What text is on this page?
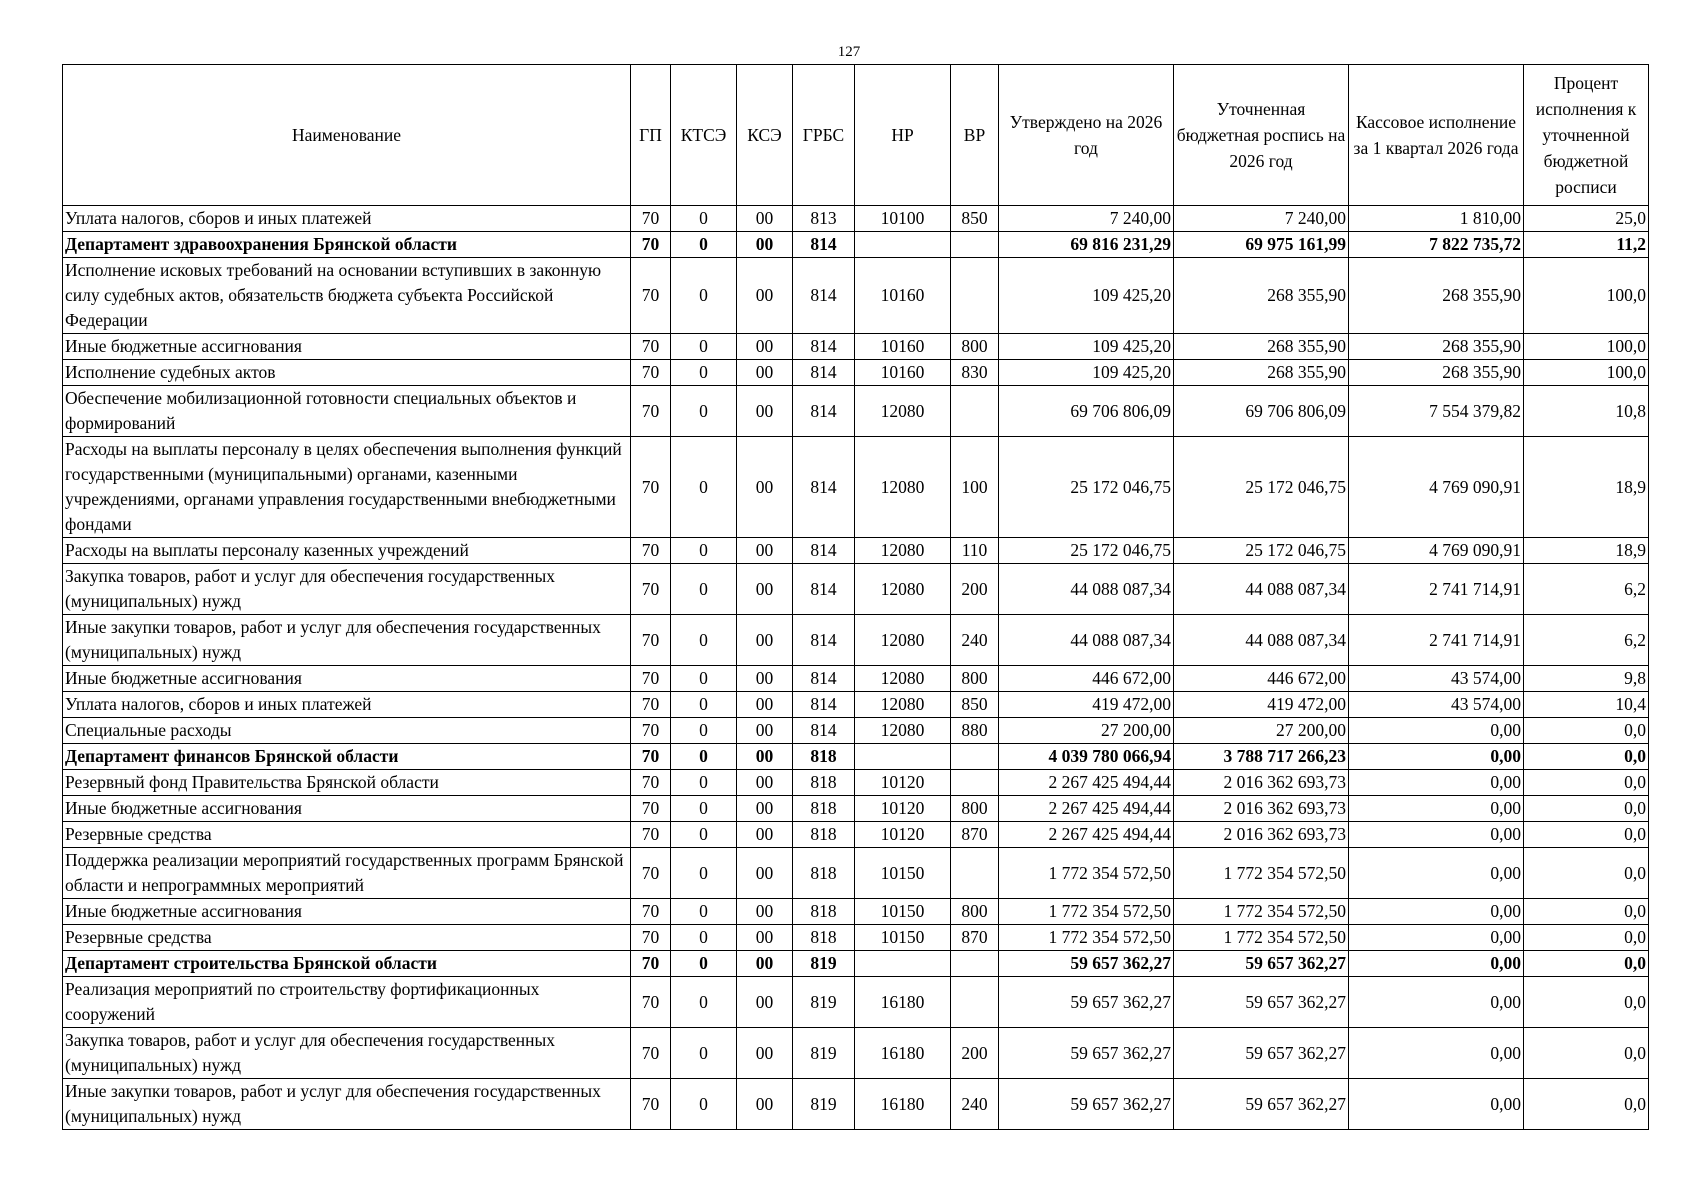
127
Наименование	ГП	КТСЭ	КСЭ	ГРБС	НР	ВР	Утверждено на 2026 год	Уточненная бюджетная роспись на 2026 год	Кассовое исполнение за 1 квартал 2026 года	Процент исполнения к уточненной бюджетной росписи
Уплата налогов, сборов и иных платежей	70	0	00	813	10100	850	7 240,00	7 240,00	1 810,00	25,0
Департамент здравоохранения Брянской области	70	0	00	814			69 816 231,29	69 975 161,99	7 822 735,72	11,2
Исполнение исковых требований на основании вступивших в законную силу судебных актов, обязательств бюджета субъекта Российской Федерации	70	0	00	814	10160		109 425,20	268 355,90	268 355,90	100,0
Иные бюджетные ассигнования	70	0	00	814	10160	800	109 425,20	268 355,90	268 355,90	100,0
Исполнение судебных актов	70	0	00	814	10160	830	109 425,20	268 355,90	268 355,90	100,0
Обеспечение мобилизационной готовности специальных объектов и формирований	70	0	00	814	12080		69 706 806,09	69 706 806,09	7 554 379,82	10,8
Расходы на выплаты персоналу в целях обеспечения выполнения функций государственными (муниципальными) органами, казенными учреждениями, органами управления государственными внебюджетными фондами	70	0	00	814	12080	100	25 172 046,75	25 172 046,75	4 769 090,91	18,9
Расходы на выплаты персоналу казенных учреждений	70	0	00	814	12080	110	25 172 046,75	25 172 046,75	4 769 090,91	18,9
Закупка товаров, работ и услуг для обеспечения государственных (муниципальных) нужд	70	0	00	814	12080	200	44 088 087,34	44 088 087,34	2 741 714,91	6,2
Иные закупки товаров, работ и услуг для обеспечения государственных (муниципальных) нужд	70	0	00	814	12080	240	44 088 087,34	44 088 087,34	2 741 714,91	6,2
Иные бюджетные ассигнования	70	0	00	814	12080	800	446 672,00	446 672,00	43 574,00	9,8
Уплата налогов, сборов и иных платежей	70	0	00	814	12080	850	419 472,00	419 472,00	43 574,00	10,4
Специальные расходы	70	0	00	814	12080	880	27 200,00	27 200,00	0,00	0,0
Департамент финансов Брянской области	70	0	00	818			4 039 780 066,94	3 788 717 266,23	0,00	0,0
Резервный фонд Правительства Брянской области	70	0	00	818	10120		2 267 425 494,44	2 016 362 693,73	0,00	0,0
Иные бюджетные ассигнования	70	0	00	818	10120	800	2 267 425 494,44	2 016 362 693,73	0,00	0,0
Резервные средства	70	0	00	818	10120	870	2 267 425 494,44	2 016 362 693,73	0,00	0,0
Поддержка реализации мероприятий государственных программ Брянской области и непрограммных мероприятий	70	0	00	818	10150		1 772 354 572,50	1 772 354 572,50	0,00	0,0
Иные бюджетные ассигнования	70	0	00	818	10150	800	1 772 354 572,50	1 772 354 572,50	0,00	0,0
Резервные средства	70	0	00	818	10150	870	1 772 354 572,50	1 772 354 572,50	0,00	0,0
Департамент строительства Брянской области	70	0	00	819			59 657 362,27	59 657 362,27	0,00	0,0
Реализация мероприятий по строительству фортификационных сооружений	70	0	00	819	16180		59 657 362,27	59 657 362,27	0,00	0,0
Закупка товаров, работ и услуг для обеспечения государственных (муниципальных) нужд	70	0	00	819	16180	200	59 657 362,27	59 657 362,27	0,00	0,0
Иные закупки товаров, работ и услуг для обеспечения государственных (муниципальных) нужд	70	0	00	819	16180	240	59 657 362,27	59 657 362,27	0,00	0,0
